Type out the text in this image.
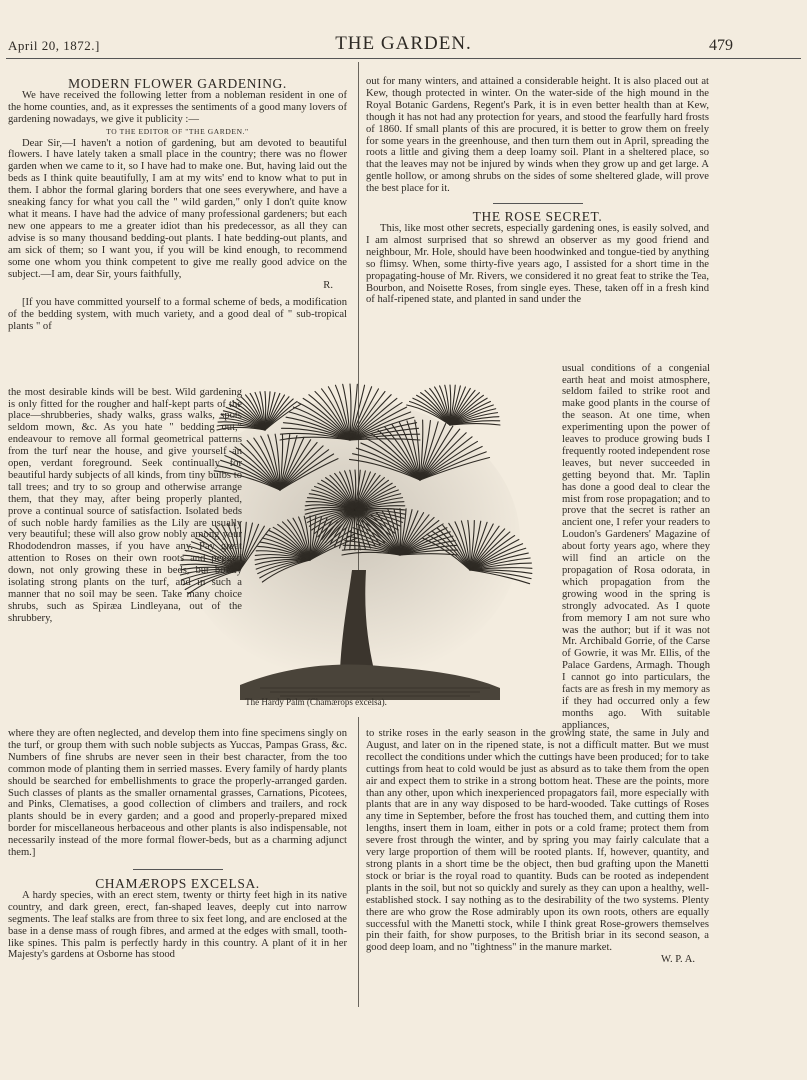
April 20, 1872.]	THE GARDEN.	479

MODERN FLOWER GARDENING.

We have received the following letter from a nobleman resident in one of the home counties, and, as it expresses the sentiments of a good many lovers of gardening nowadays, we give it publicity :—

TO THE EDITOR OF "THE GARDEN."

Dear Sir,—I haven't a notion of gardening, but am devoted to beautiful flowers. I have lately taken a small place in the country; there was no flower garden when we came to it, so I have had to make one. But, having laid out the beds as I think quite beautifully, I am at my wits' end to know what to put in them. I abhor the formal glaring borders that one sees everywhere, and have a sneaking fancy for what you call the " wild garden," only I don't quite know what it means. I have had the advice of many professional gardeners; but each new one appears to me a greater idiot than his predecessor, as all they can advise is so many thousand bedding-out plants. I hate bedding-out plants, and am sick of them; so I want you, if you will be kind enough, to recommend some one whom you think competent to give me really good advice on the subject.—I am, dear Sir, yours faithfully,

R.

[If you have committed yourself to a formal scheme of beds, a modification of the bedding system, with much variety, and a good deal of " sub-tropical plants " of

the most desirable kinds will be best. Wild gardening is only fitted for the rougher and half-kept parts of the place—shrubberies, shady walks, grass walks, spots seldom mown, &c. As you hate " bedding out," endeavour to remove all formal geometrical patterns from the turf near the house, and give yourself an open, verdant foreground. Seek continually for beautiful hardy subjects of all kinds, from tiny bulbs to tall trees; and try to so group and otherwise arrange them, that they may, after being properly planted, prove a continual source of satisfaction. Isolated beds of such noble hardy families as the Lily are usually very beautiful; these will also grow nobly among your Rhododendron masses, if you have any. Pay great attention to Roses on their own roots and pegged down, not only growing these in beds, but boldly isolating strong plants on the turf, and in such a manner that no soil may be seen. Take many choice shrubs, such as Spiræa Lindleyana, out of the shrubbery,

where they are often neglected, and develop them into fine specimens singly on the turf, or group them with such noble subjects as Yuccas, Pampas Grass, &c. Numbers of fine shrubs are never seen in their best character, from the too common mode of planting them in serried masses. Every family of hardy plants should be searched for embellishments to grace the properly-arranged garden. Such classes of plants as the smaller ornamental grasses, Carnations, Picotees, and Pinks, Clematises, a good collection of climbers and trailers, and rock plants should be in every garden; and a good and properly-prepared mixed border for miscellaneous herbaceous and other plants is also indispensable, not necessarily instead of the more formal flower-beds, but as a charming adjunct them.]

CHAMÆROPS EXCELSA.

A hardy species, with an erect stem, twenty or thirty feet high in its native country, and dark green, erect, fan-shaped leaves, deeply cut into narrow segments. The leaf stalks are from three to six feet long, and are enclosed at the base in a dense mass of rough fibres, and armed at the edges with small, tooth-like spines. This palm is perfectly hardy in this country. A plant of it in her Majesty's gardens at Osborne has stood

out for many winters, and attained a considerable height. It is also placed out at Kew, though protected in winter. On the water-side of the high mound in the Royal Botanic Gardens, Regent's Park, it is in even better health than at Kew, though it has not had any protection for years, and stood the fearfully hard frosts of 1860. If small plants of this are procured, it is better to grow them on freely for some years in the greenhouse, and then turn them out in April, spreading the roots a little and giving them a deep loamy soil. Plant in a sheltered place, so that the leaves may not be injured by winds when they grow up and get large. A gentle hollow, or among shrubs on the sides of some sheltered glade, will prove the best place for it.

THE ROSE SECRET.

This, like most other secrets, especially gardening ones, is easily solved, and I am almost surprised that so shrewd an observer as my good friend and neighbour, Mr. Hole, should have been hoodwinked and tongue-tied by anything so flimsy. When, some thirty-five years ago, I assisted for a short time in the propagating-house of Mr. Rivers, we considered it no great feat to strike the Tea, Bourbon, and Noisette Roses, from single eyes. These, taken off in a fresh kind of half-ripened state, and planted in sand under the

usual conditions of a congenial earth heat and moist atmosphere, seldom failed to strike root and make good plants in the course of the season. At one time, when experimenting upon the power of leaves to produce growing buds I frequently rooted independent rose leaves, but never succeeded in getting beyond that. Mr. Taplin has done a good deal to clear the mist from rose propagation; and to prove that the secret is rather an ancient one, I refer your readers to Loudon's Gardeners' Magazine of about forty years ago, where they will find an article on the propagation of Rosa odorata, in which propagation from the growing wood in the spring is strongly advocated. As I quote from memory I am not sure who was the author; but if it was not Mr. Archibald Gorrie, of the Carse of Gowrie, it was Mr. Ellis, of the Palace Gardens, Armagh. Though I cannot go into particulars, the facts are as fresh in my memory as if they had occurred only a few months ago. With suitable appliances,

to strike roses in the early season in the growing state, the same in July and August, and later on in the ripened state, is not a difficult matter. But we must recollect the conditions under which the cuttings have been produced; for to take cuttings from heat to cold would be just as absurd as to take them from the open air and expect them to strike in a strong bottom heat. These are the points, more than any other, upon which inexperienced propagators fail, more especially with plants that are in any way disposed to be hard-wooded. Take cuttings of Roses any time in September, before the frost has touched them, and cutting them into lengths, insert them in loam, either in pots or a cold frame; protect them from severe frost through the winter, and by spring you may fairly calculate that a very large proportion of them will be rooted plants. If, however, quantity, and strong plants in a short time be the object, then bud grafting upon the Manetti stock or briar is the royal road to quantity. Buds can be rooted as independent plants in the soil, but not so quickly and surely as they can upon a healthy, well-established stock. I say nothing as to the desirability of the two systems. Plenty there are who grow the Rose admirably upon its own roots, others are equally successful with the Manetti stock, while I think great Rose-growers themselves pin their faith, for show purposes, to the British briar in its second season, a good deep loam, and no "tightness" in the manure market.

W. P. A.

The Hardy Palm (Chamærops excelsa).
